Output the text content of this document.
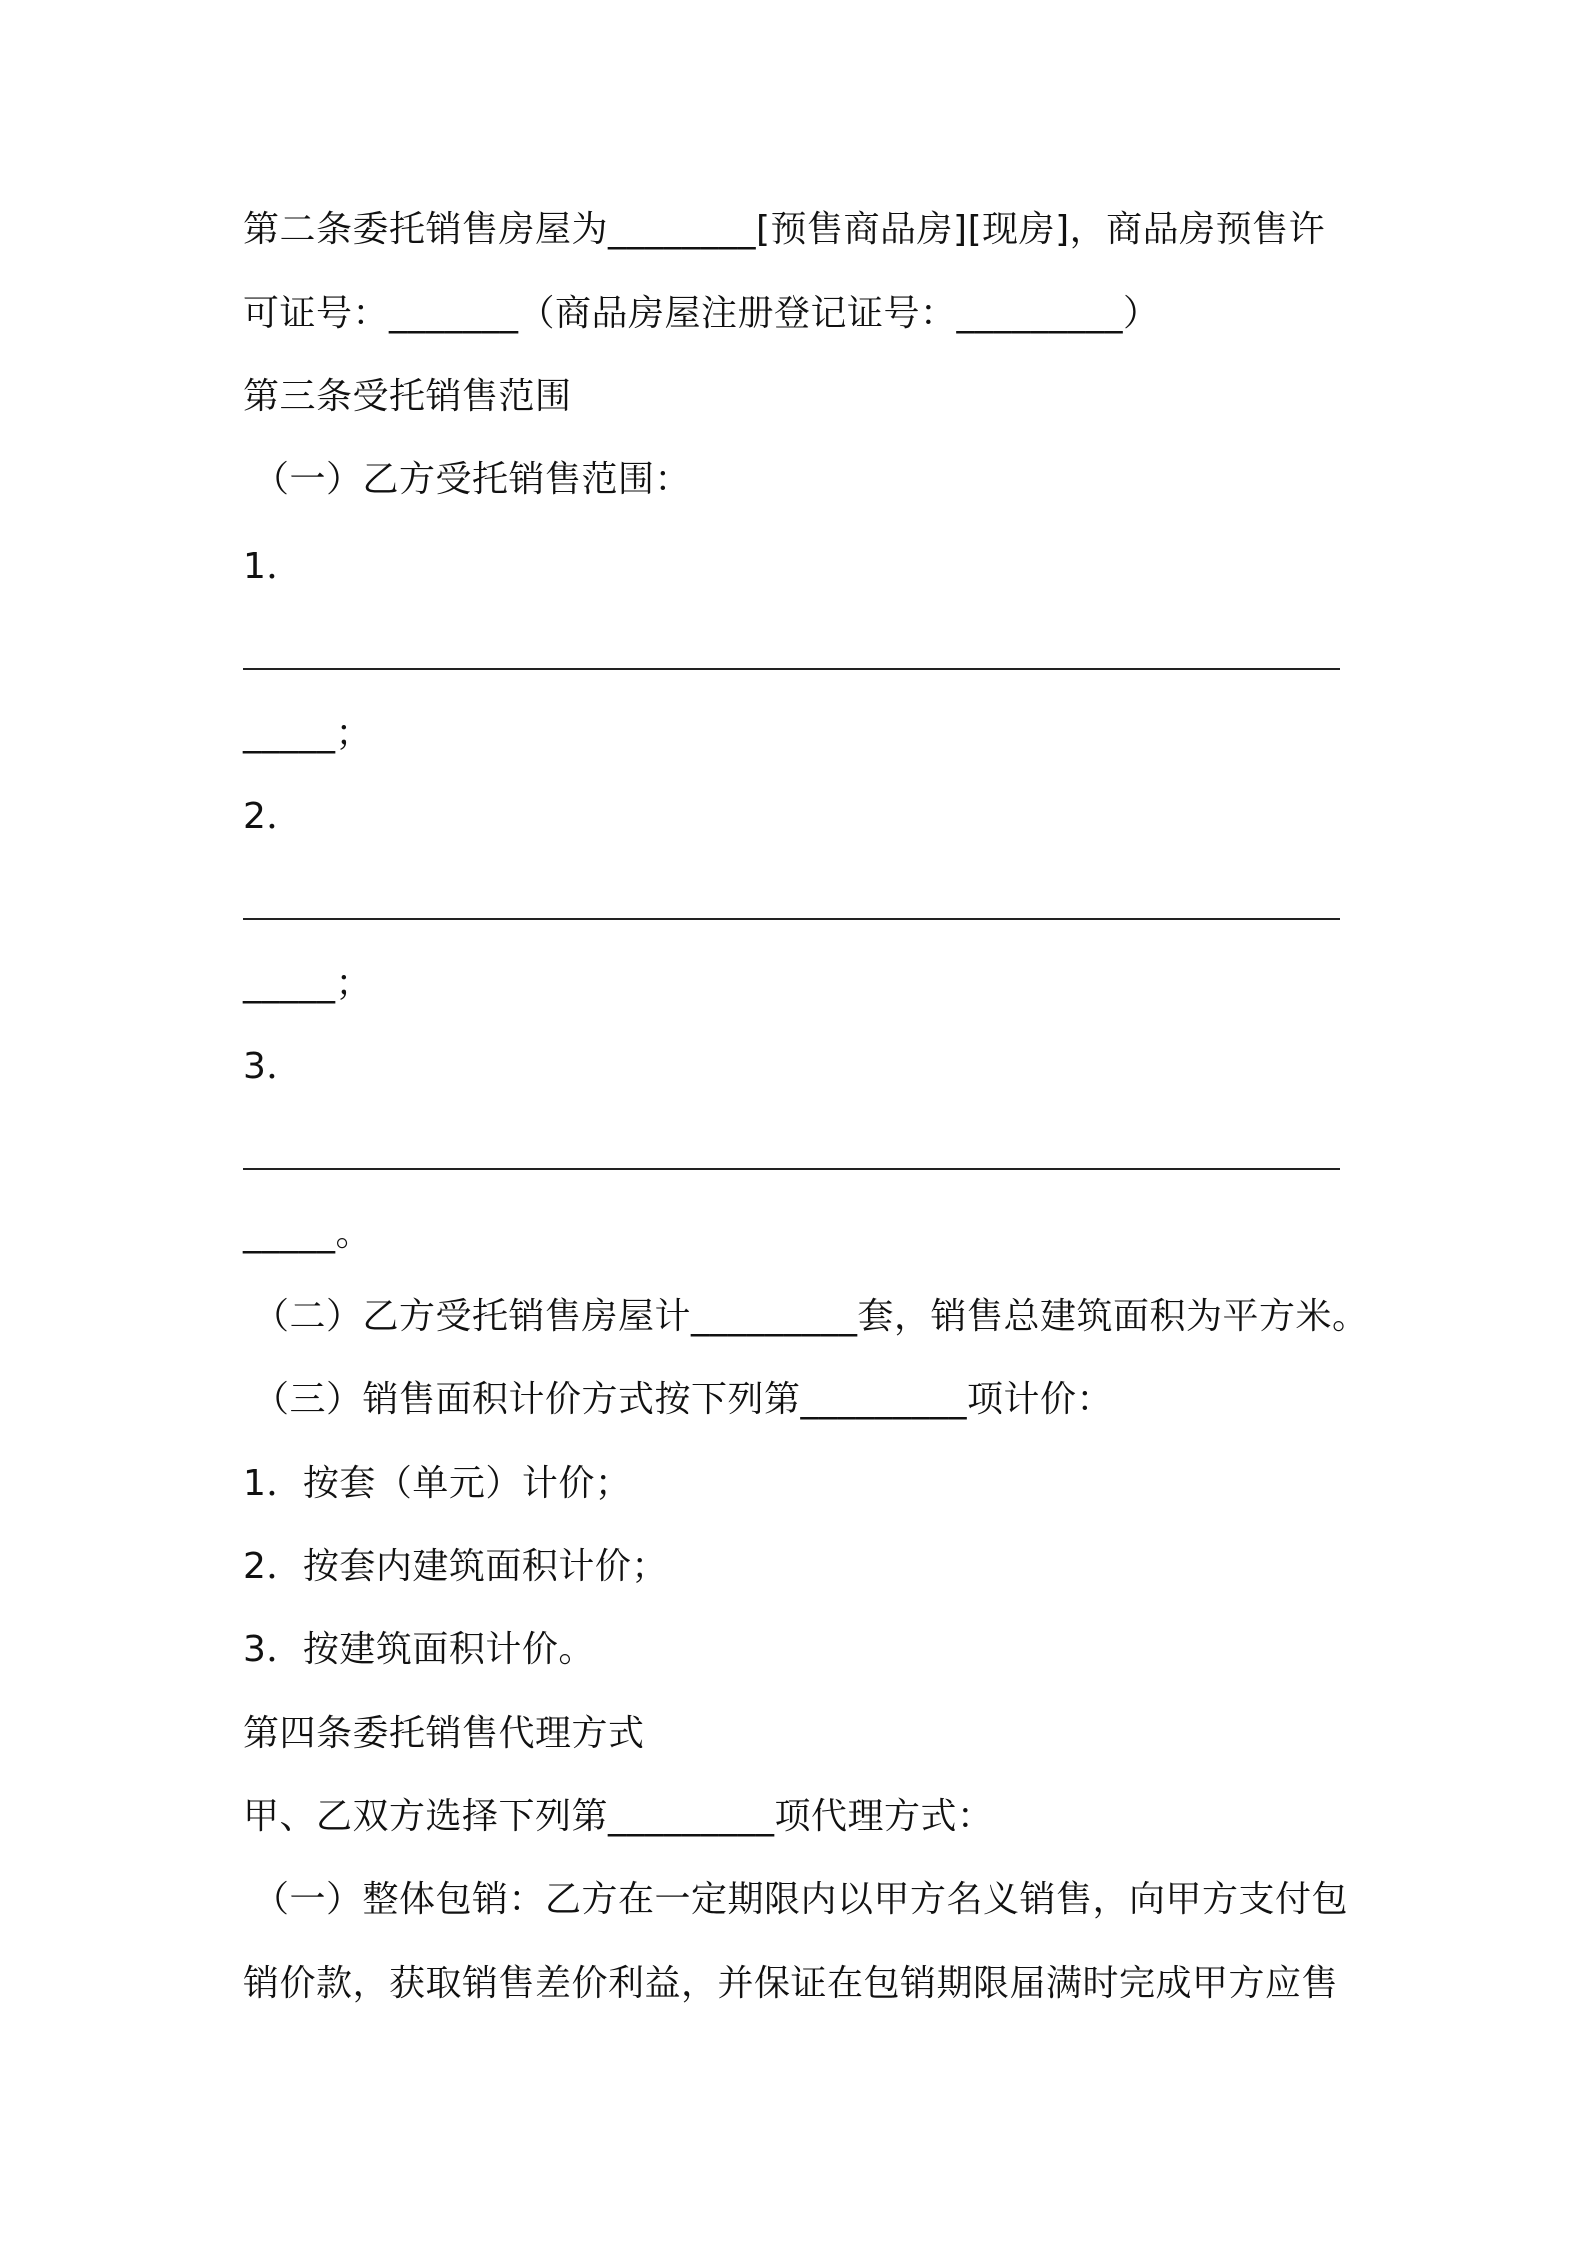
第二条委托销售房屋为________[预售商品房][现房]，商品房预售许
可证号：_______（商品房屋注册登记证号：_________）
第三条受托销售范围
（一）乙方受托销售范围：
1．
_____；
2．
_____；
3．
_____。
（二）乙方受托销售房屋计_________套，销售总建筑面积为平方米。
（三）销售面积计价方式按下列第_________项计价：
1．按套（单元）计价；
2．按套内建筑面积计价；
3．按建筑面积计价。
第四条委托销售代理方式
甲、乙双方选择下列第_________项代理方式：
（一）整体包销：乙方在一定期限内以甲方名义销售，向甲方支付包
销价款，获取销售差价利益，并保证在包销期限届满时完成甲方应售
